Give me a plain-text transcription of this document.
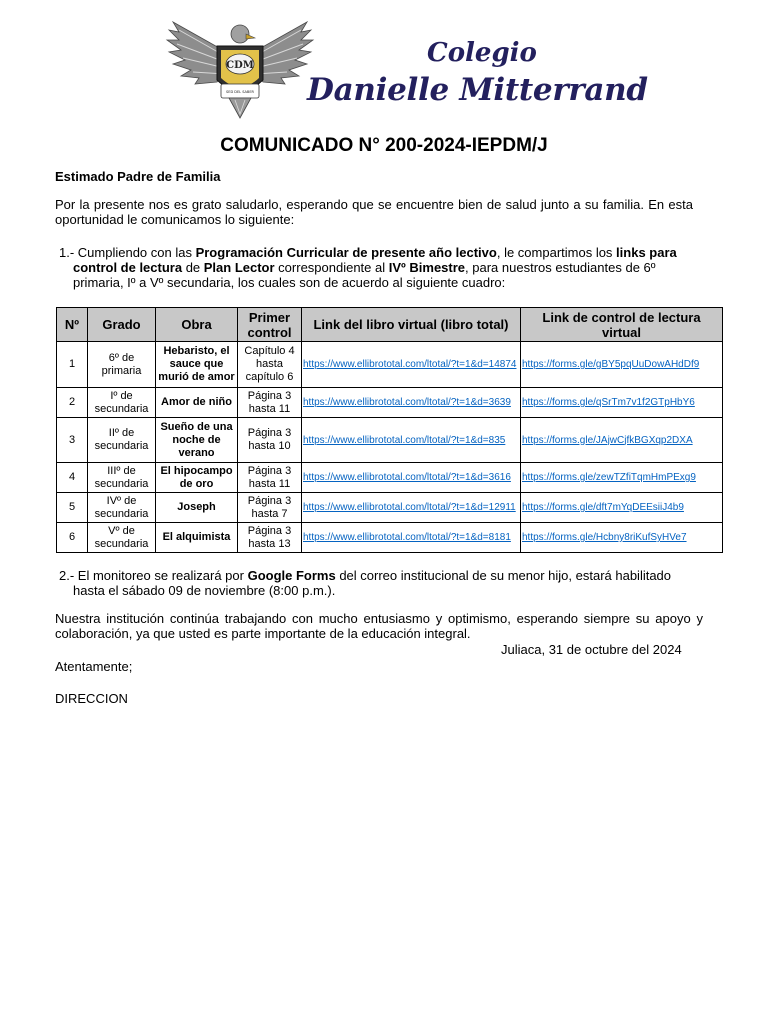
CDM
SED DEL SABER
Colegio
Danielle Mitterrand
COMUNICADO N° 200-2024-IEPDM/J
Estimado Padre de Familia
Por la presente nos es grato saludarlo, esperando que se encuentre bien de salud junto a su familia. En esta oportunidad le comunicamos lo siguiente:
1.- Cumpliendo con las Programación Curricular de presente año lectivo, le compartimos los links para control de lectura de Plan Lector correspondiente al IVº Bimestre, para nuestros estudiantes de 6º primaria, Iº a Vº secundaria, los cuales son de acuerdo al siguiente cuadro:
Nº	Grado	Obra	Primer control	Link del libro virtual (libro total)	Link de control de lectura virtual
1	6º de primaria	Hebaristo, el sauce que murió de amor	Capítulo 4 hasta capítulo 6	https://www.ellibrototal.com/ltotal/?t=1&d=14874	https://forms.gle/gBY5pqUuDowAHdDf9
2	Iº de secundaria	Amor de niño	Página 3 hasta 11	https://www.ellibrototal.com/ltotal/?t=1&d=3639	https://forms.gle/qSrTm7v1f2GTpHbY6
3	IIº de secundaria	Sueño de una noche de verano	Página 3 hasta 10	https://www.ellibrototal.com/ltotal/?t=1&d=835	https://forms.gle/JAjwCjfkBGXqp2DXA
4	IIIº de secundaria	El hipocampo de oro	Página 3 hasta 11	https://www.ellibrototal.com/ltotal/?t=1&d=3616	https://forms.gle/zewTZfiTqmHmPExg9
5	IVº de secundaria	Joseph	Página 3 hasta 7	https://www.ellibrototal.com/ltotal/?t=1&d=12911	https://forms.gle/dft7mYqDEEsiiJ4b9
6	Vº de secundaria	El alquimista	Página 3 hasta 13	https://www.ellibrototal.com/ltotal/?t=1&d=8181	https://forms.gle/Hcbny8riKufSyHVe7
2.- El monitoreo se realizará por Google Forms del correo institucional de su menor hijo, estará habilitado hasta el sábado 09 de noviembre (8:00 p.m.).
Nuestra institución continúa trabajando con mucho entusiasmo y optimismo, esperando siempre su apoyo y colaboración, ya que usted es parte importante de la educación integral.
Juliaca, 31 de octubre del 2024
Atentamente;
DIRECCION
